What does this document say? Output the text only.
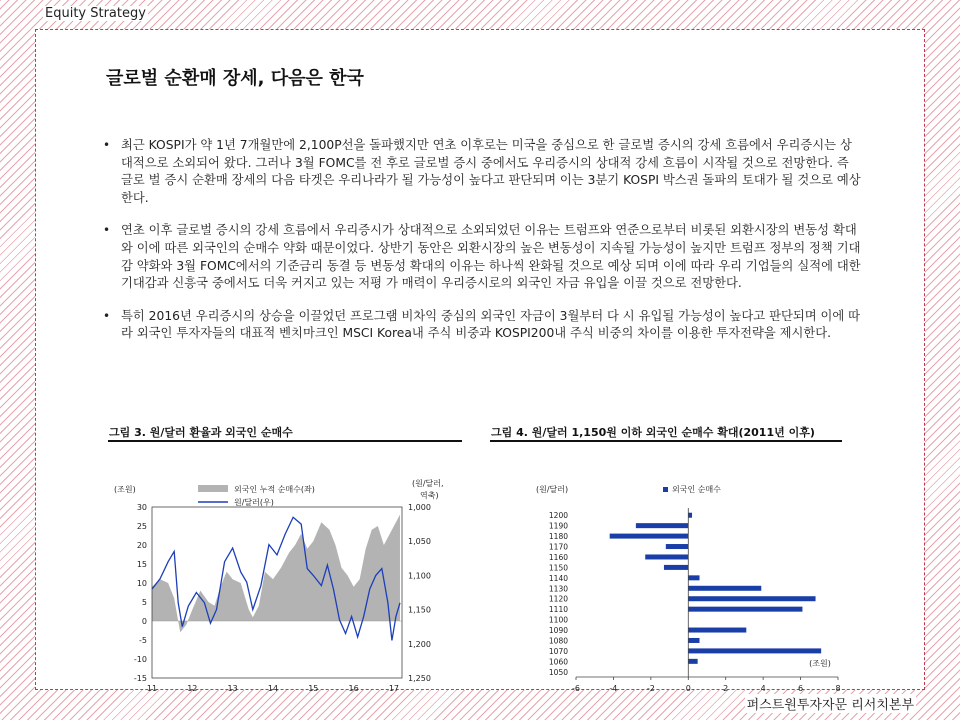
Equity Strategy
글로벌 순환매 장세, 다음은 한국
• 최근 KOSPI가 약 1년 7개월만에 2,100P선을 돌파했지만 연초 이후로는 미국을 중심으로 한 글로벌 증시의 강세 흐름에서 우리증시는 상대적으로 소외되어 왔다. 그러나 3월 FOMC를 전 후로 글로벌 증시 중에서도 우리증시의 상대적 강세 흐름이 시작될 것으로 전망한다. 즉 글로 벌 증시 순환매 장세의 다음 타겟은 우리나라가 될 가능성이 높다고 판단되며 이는 3분기 KOSPI 박스권 돌파의 토대가 될 것으로 예상한다.
• 연초 이후 글로벌 증시의 강세 흐름에서 우리증시가 상대적으로 소외되었던 이유는 트럼프와 연준으로부터 비롯된 외환시장의 변동성 확대와 이에 따른 외국인의 순매수 약화 때문이었다. 상반기 동안은 외환시장의 높은 변동성이 지속될 가능성이 높지만 트럼프 정부의 정책 기대감 약화와 3월 FOMC에서의 기준금리 동결 등 변동성 확대의 이유는 하나씩 완화될 것으로 예상 되며 이에 따라 우리 기업들의 실적에 대한 기대감과 신흥국 중에서도 더욱 커지고 있는 저평 가 매력이 우리증시로의 외국인 자금 유입을 이끌 것으로 전망한다.
• 특히 2016년 우리증시의 상승을 이끌었던 프로그램 비차익 중심의 외국인 자금이 3월부터 다 시 유입될 가능성이 높다고 판단되며 이에 따라 외국인 투자자들의 대표적 벤치마크인 MSCI Korea내 주식 비중과 KOSPI200내 주식 비중의 차이를 이용한 투자전략을 제시한다.
그림 3. 원/달러 환율과 외국인 순매수
(조원)
(원/달러,
역축)
외국인 누적 순매수(좌)
원/달러(우)
30
25
20
15
10
5
0
-5
-10
-15
1,000
1,050
1,100
1,150
1,200
1,250
11	12	13	14	15	16	17
그림 4. 원/달러 1,150원 이하 외국인 순매수 확대(2011년 이후)
(원/달러)	외국인 순매수
1200
1190
1180
1170
1160
1150
1140
1130
1120
1110
1100
1090
1080
1070
1060
1050
-6	-4	-2	0	2	4	6	8
(조원)
퍼스트원투자자문 리서치본부
